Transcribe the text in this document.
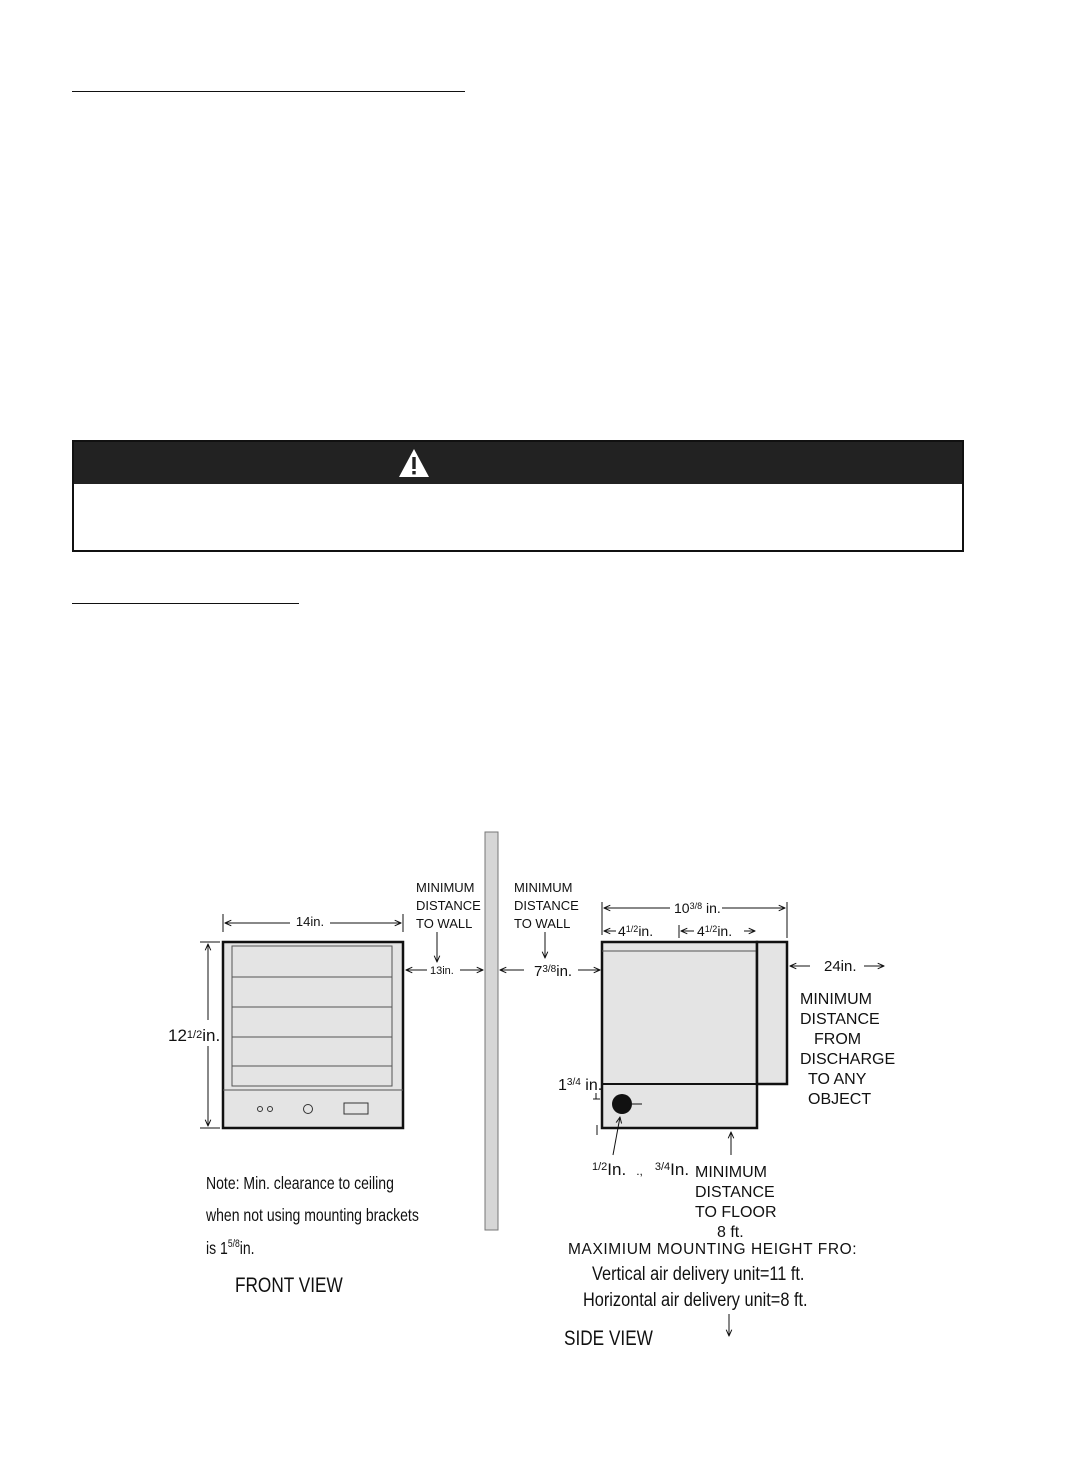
14in.
121/2in.
MINIMUM DISTANCE TO WALL
13in.
Note: Min. clearance to ceiling when not using mounting brackets is $1^{5/8}in$.
FRONT VIEW
MINIMUM DISTANCE TO WALL
$7^{3/8}in$.
$10^{3/8}$ in.
$4^{1/2}in$.	$4^{1/2}in$.
24in.
MINIMUM DISTANCE FROM DISCHARGE TO ANY OBJECT
$1^{3/4}$ in.
$^{1/2}$In. ., $^{3/4}$In. MINIMUM DISTANCE TO FLOOR 8 ft.
MAXIMIUM MOUNTING HEIGHT FRO:
Vertical air delivery unit=11 ft.
Horizontal air delivery unit=8 ft.
SIDE VIEW
